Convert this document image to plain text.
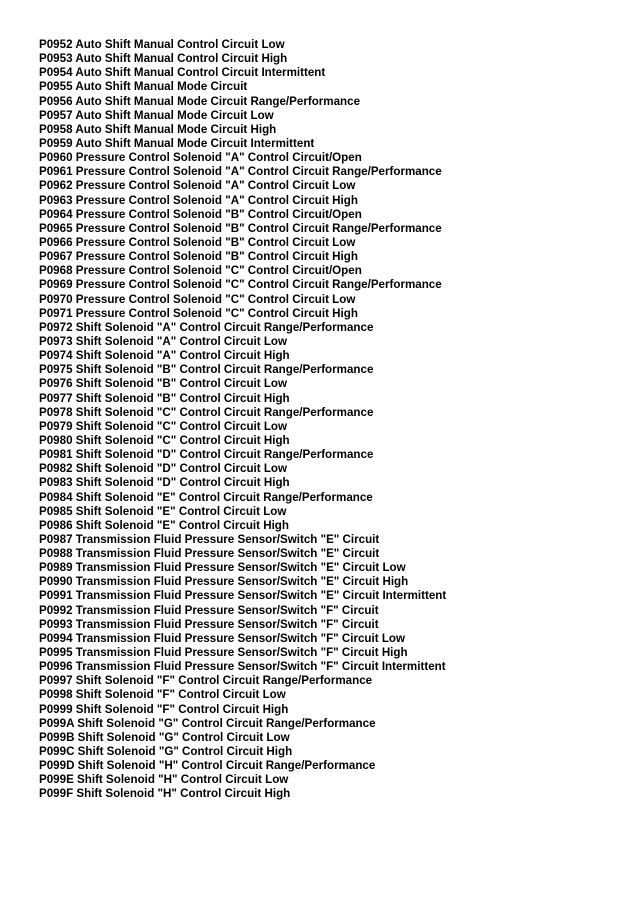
P0952 Auto Shift Manual Control Circuit Low
P0953 Auto Shift Manual Control Circuit High
P0954 Auto Shift Manual Control Circuit Intermittent
P0955 Auto Shift Manual Mode Circuit
P0956 Auto Shift Manual Mode Circuit Range/Performance
P0957 Auto Shift Manual Mode Circuit Low
P0958 Auto Shift Manual Mode Circuit High
P0959 Auto Shift Manual Mode Circuit Intermittent
P0960 Pressure Control Solenoid "A" Control Circuit/Open
P0961 Pressure Control Solenoid "A" Control Circuit Range/Performance
P0962 Pressure Control Solenoid "A" Control Circuit Low
P0963 Pressure Control Solenoid "A" Control Circuit High
P0964 Pressure Control Solenoid "B" Control Circuit/Open
P0965 Pressure Control Solenoid "B" Control Circuit Range/Performance
P0966 Pressure Control Solenoid "B" Control Circuit Low
P0967 Pressure Control Solenoid "B" Control Circuit High
P0968 Pressure Control Solenoid "C" Control Circuit/Open
P0969 Pressure Control Solenoid "C" Control Circuit Range/Performance
P0970 Pressure Control Solenoid "C" Control Circuit Low
P0971 Pressure Control Solenoid "C" Control Circuit High
P0972 Shift Solenoid "A" Control Circuit Range/Performance
P0973 Shift Solenoid "A" Control Circuit Low
P0974 Shift Solenoid "A" Control Circuit High
P0975 Shift Solenoid "B" Control Circuit Range/Performance
P0976 Shift Solenoid "B" Control Circuit Low
P0977 Shift Solenoid "B" Control Circuit High
P0978 Shift Solenoid "C" Control Circuit Range/Performance
P0979 Shift Solenoid "C" Control Circuit Low
P0980 Shift Solenoid "C" Control Circuit High
P0981 Shift Solenoid "D" Control Circuit Range/Performance
P0982 Shift Solenoid "D" Control Circuit Low
P0983 Shift Solenoid "D" Control Circuit High
P0984 Shift Solenoid "E" Control Circuit Range/Performance
P0985 Shift Solenoid "E" Control Circuit Low
P0986 Shift Solenoid "E" Control Circuit High
P0987 Transmission Fluid Pressure Sensor/Switch "E" Circuit
P0988 Transmission Fluid Pressure Sensor/Switch "E" Circuit
P0989 Transmission Fluid Pressure Sensor/Switch "E" Circuit Low
P0990 Transmission Fluid Pressure Sensor/Switch "E" Circuit High
P0991 Transmission Fluid Pressure Sensor/Switch "E" Circuit Intermittent
P0992 Transmission Fluid Pressure Sensor/Switch "F" Circuit
P0993 Transmission Fluid Pressure Sensor/Switch "F" Circuit
P0994 Transmission Fluid Pressure Sensor/Switch "F" Circuit Low
P0995 Transmission Fluid Pressure Sensor/Switch "F" Circuit High
P0996 Transmission Fluid Pressure Sensor/Switch "F" Circuit Intermittent
P0997 Shift Solenoid "F" Control Circuit Range/Performance
P0998 Shift Solenoid "F" Control Circuit Low
P0999 Shift Solenoid "F" Control Circuit High
P099A Shift Solenoid "G" Control Circuit Range/Performance
P099B Shift Solenoid "G" Control Circuit Low
P099C Shift Solenoid "G" Control Circuit High
P099D Shift Solenoid "H" Control Circuit Range/Performance
P099E Shift Solenoid "H" Control Circuit Low
P099F Shift Solenoid "H" Control Circuit High
